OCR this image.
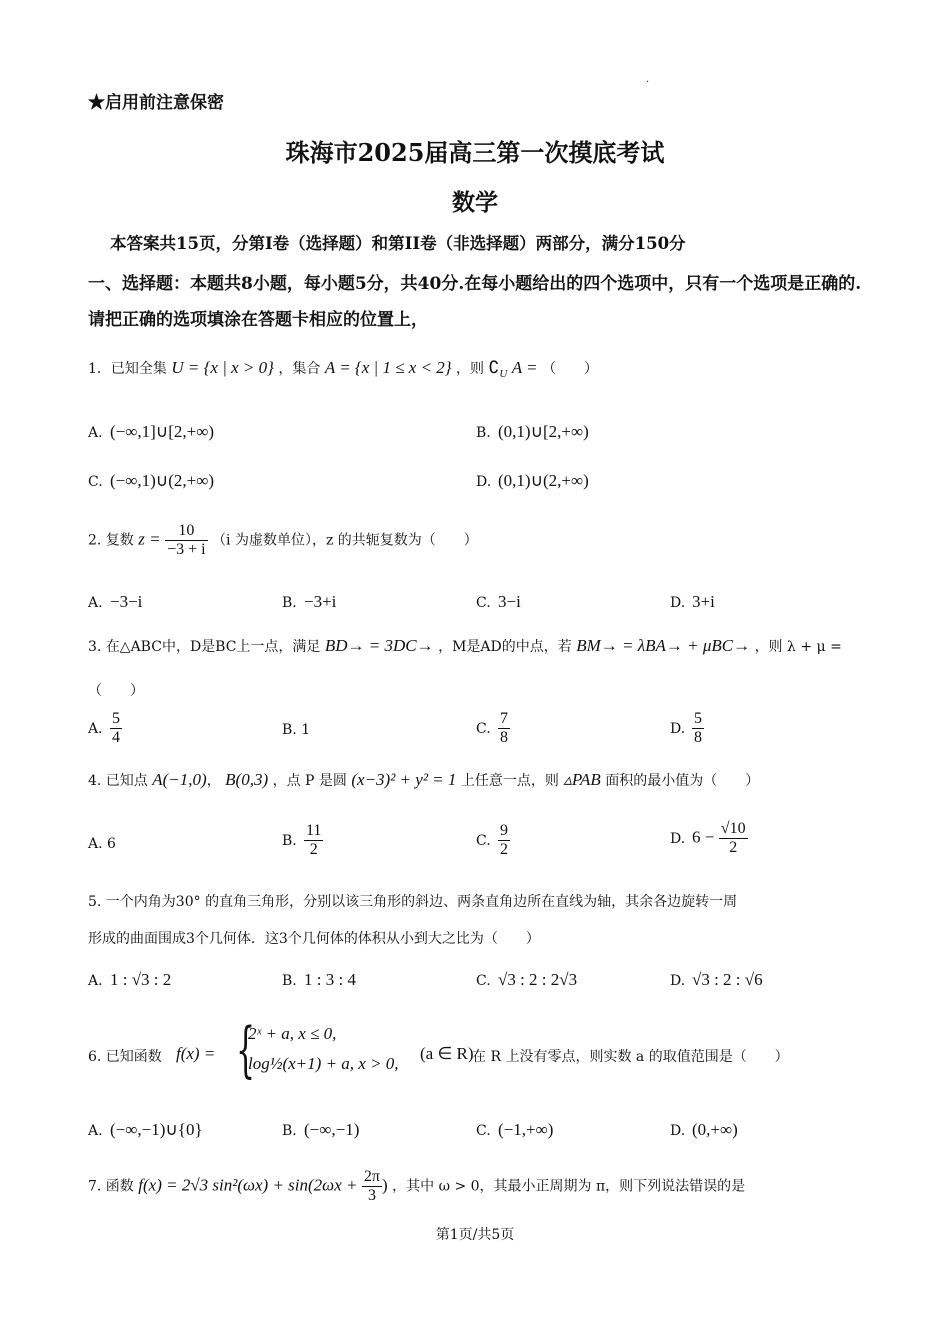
.
★启用前注意保密
珠海市2025届高三第一次摸底考试
数学
本答案共15页，分第I卷（选择题）和第II卷（非选择题）两部分，满分150分
一、选择题：本题共8小题，每小题5分，共40分.在每小题给出的四个选项中，只有一个选项是正确的.请把正确的选项填涂在答题卡相应的位置上，
1．已知全集 U = {x | x > 0} ，集合 A = {x | 1 ≤ x < 2} ，则 $∁_U$ A = （　　）
A. (−∞,1]∪[2,+∞)	B. (0,1)∪[2,+∞)
C. (−∞,1)∪(2,+∞)	D. (0,1)∪(2,+∞)
2. 复数 $z = \frac{10}{-3 + i} (i$ 为虚数单位），z 的共轭复数为（　　）
A. −3−i	B. −3+i	C. 3−i	D. 3+i
3. 在△ABC中，D是BC上一点，满足 BD→ = 3DC→ ，M是AD的中点，若 BM→ = λBA→ + μBC→ ，则 λ + μ =
（　　）
A．
$\frac{5}{4}$	B. 1	C. $\frac{7}{8}$	D. $\frac{5}{8}$
4. 已知点 A(−1,0)， B(0,3) ，点 P 是圆 (x−3)² + y² = 1 上任意一点，则 ▵PAB 面积的最小值为（　　）
A. 6	B. $\frac{11}{2}$	C. $\frac{9}{2}$	D. $6 - \frac{√10}{2}$
5. 一个内角为30° 的直角三角形，分别以该三角形的斜边、两条直角边所在直线为轴，其余各边旋转一周
形成的曲面围成3个几何体．这3个几何体的体积从小到大之比为（　　）
A. 1 : √3 : 2	B. 1 : 3 : 4	C. √3 : 2 : 2√3	D. √3 : 2 : √6
6. 已知函数 f(x) = {
2ˣ + a, x ≤ 0,
log½(x+1) + a, x > 0,
(a ∈ R)
在 R 上没有零点，则实数 a 的取值范围是（　　）
A. (−∞,−1)∪{0}	B. (−∞,−1)	C. (−1,+∞)	D. (0,+∞)
7. 函数 f(x) = 2√3 $\sin^2(\omega x) + \sin(2\omega x + \frac{2\pi}{3}$ ) ，其中 ω > 0，其最小正周期为 π，则下列说法错误的是
第1页/共5页
